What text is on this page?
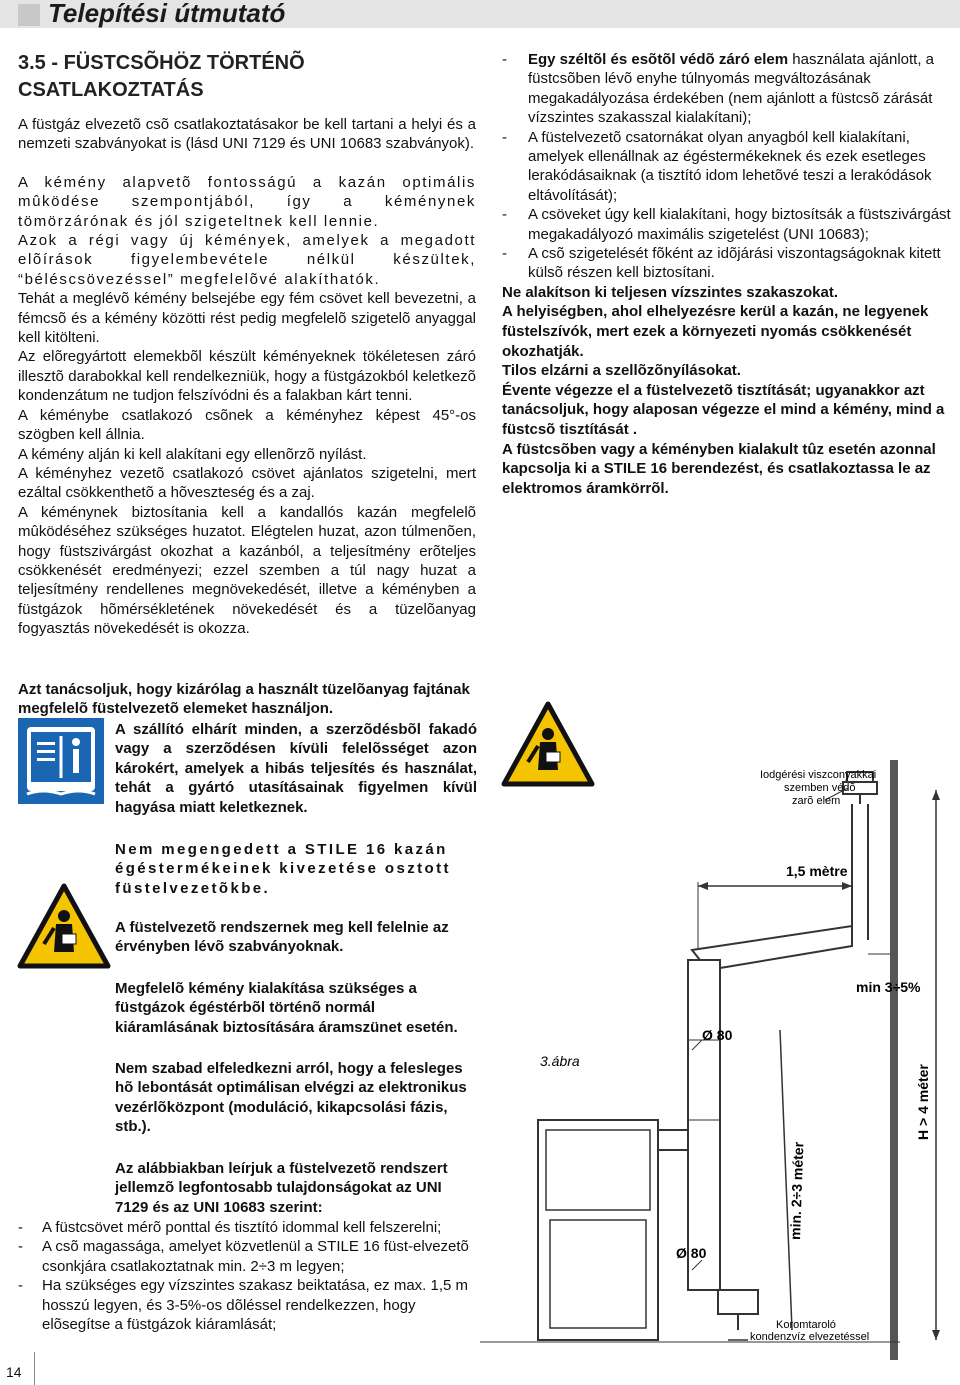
Telepítési útmutató
3.5 - FÜSTCSÕHÖZ TÖRTÉNÕ CSATLAKOZTATÁS

A füstgáz elvezetõ csõ csatlakoztatásakor be kell tartani a helyi és a nemzeti szabványokat is (lásd UNI 7129 és UNI 10683 szabványok).

A kémény alapvetõ fontosságú a kazán optimális mûködése szempontjából, így a kéménynek tömörzárónak és jól szigeteltnek kell lennie.

Azok a régi vagy új kémények, amelyek a megadott elõírások figyelembevétele nélkül készültek, “béléscsövezéssel” megfelelõvé alakíthatók.

Tehát a meglévõ kémény belsejébe egy fém csövet kell bevezetni, a fémcsõ és a kémény közötti rést pedig megfelelõ szigetelõ anyaggal kell kitölteni.

Az elõregyártott elemekbõl készült kéményeknek tökéletesen záró illesztõ darabokkal kell rendelkezniük, hogy a füstgázokból keletkezõ kondenzátum ne tudjon felszívódni és a falakban kárt tenni.

A kéménybe csatlakozó csõnek a kéményhez képest 45°-os szögben kell állnia.

A kémény alján ki kell alakítani egy ellenõrzõ nyílást.

A kéményhez vezetõ csatlakozó csövet ajánlatos szigetelni, mert ezáltal csökkenthetõ a hõveszteség és a zaj.

A kéménynek biztosítania kell a kandallós kazán megfelelõ mûködéséhez szükséges huzatot. Elégtelen huzat, azon túlmenõen, hogy füstszivárgást okozhat a kazánból, a teljesítmény erõteljes csökkenését eredményezi; ezzel szemben a túl nagy huzat a teljesítmény rendellenes megnövekedését, illetve a kéményben a füstgázok hõmérsékletének növekedését és a tüzelõanyag fogyasztás növekedését is okozza.

-	Egy széltõl és esõtõl védõ záró elem használata ajánlott, a füstcsõben lévõ enyhe túlnyomás megváltozásának megakadályozása érdekében (nem ajánlott a füstcsõ zárását vízszintes szakasszal kialakítani);
-	A füstelvezetõ csatornákat olyan anyagból kell kialakítani, amelyek ellenállnak az égéstermékeknek és ezek esetleges lerakódásaiknak (a tisztító idom lehetõvé teszi a lerakódások eltávolítását);
-	A csöveket úgy kell kialakítani, hogy biztosítsák a füstszivárgást megakadályozó maximális szigetelést (UNI 10683);
-	A csõ szigetelését fõként az idõjárási viszontagságoknak kitett külsõ részen kell biztosítani.

Ne alakítson ki teljesen vízszintes szakaszokat.

A helyiségben, ahol elhelyezésre kerül a kazán, ne legyenek füstelszívók, mert ezek a környezeti nyomás csökkenését okozhatják.

Tilos elzárni a szellõzõnyílásokat.

Évente végezze el a füstelvezetõ tisztítását; ugyanakkor azt tanácsoljuk, hogy alaposan végezze el mind a kémény, mind a füstcsõ tisztítását .

A füstcsõben vagy a kéményben kialakult tûz esetén azonnal kapcsolja ki a STILE 16 berendezést, és csatlakoztassa le az elektromos áramkörrõl.

Azt tanácsoljuk, hogy kizárólag a használt tüzelõanyag fajtának megfelelõ füstelvezetõ elemeket használjon.
A szállító elhárít minden, a szerzõdésbõl fakadó vagy a szerzõdésen kívüli felelõsséget azon károkért, amelyek a hibás teljesítés és használat, tehát a gyártó utasításainak figyelmen kívül hagyása miatt keletkeznek.
Nem megengedett a STILE 16 kazán égéstermékeinek kivezetése osztott füstelvezetõkbe.
A füstelvezetõ rendszernek meg kell felelnie az érvényben lévõ szabványoknak.
Megfelelõ kémény kialakítása szükséges a füstgázok égéstérbõl történõ normál kiáramlásának biztosítására áramszünet esetén.
Nem szabad elfeledkezni arról, hogy a felesleges hõ lebontását optimálisan elvégzi az elektronikus vezérlõközpont (moduláció, kikapcsolási fázis, stb.).
Az alábbiakban leírjuk a füstelvezetõ rendszert jellemzõ legfontosabb tulajdonságokat az UNI 7129 és az UNI 10683 szerint:
-	A füstcsövet mérõ ponttal és tisztító idommal kell felszerelni;
-	A csõ magassága, amelyet közvetlenül a STILE 16 füst-elvezetõ csonkjára csatlakoztatnak min. 2÷3 m legyen;
-	Ha szükséges egy vízszintes szakasz beiktatása, ez max. 1,5 m hosszú legyen, és 3-5%-os dõléssel rendelkezzen, hogy elõsegítse a füstgázok kiáramlását;
Iodgérési viszconyakkai
szemben védõ
zarõ elem
1,5 mètre
min 3÷5%
Ø 80
Ø 80
3.ábra
H > 4 méter
min. 2÷3 méter
Koromtaroló
kondenzvíz elvezetéssel
14
